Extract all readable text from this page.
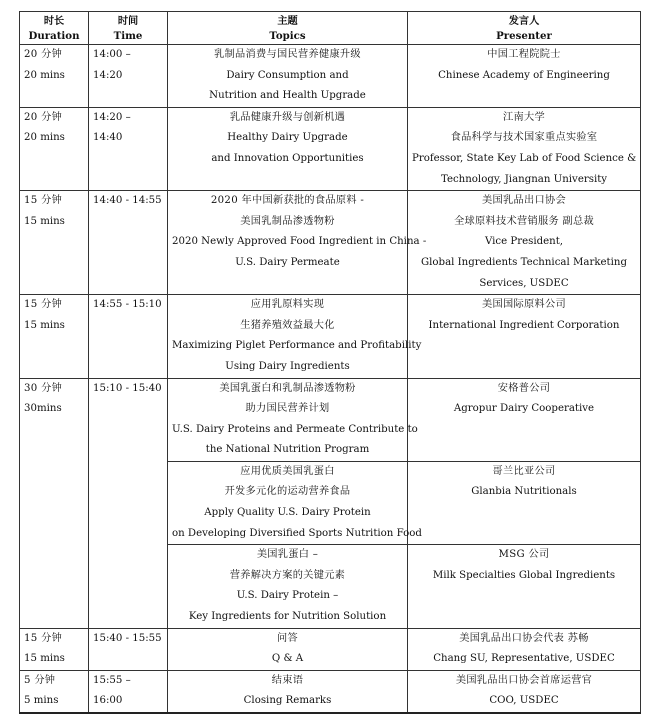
时长
Duration	时间
Time	主题
Topics	发言人
Presenter

20 分钟
20 mins	14:00 – 14:20	乳制品消费与国民营养健康升级
Dairy Consumption and
Nutrition and Health Upgrade	中国工程院院士
Chinese Academy of Engineering

20 分钟
20 mins	14:20 – 14:40	乳品健康升级与创新机遇
Healthy Dairy Upgrade
and Innovation Opportunities	江南大学
食品科学与技术国家重点实验室
Professor, State Key Lab of Food Science &
Technology, Jiangnan University

15 分钟
15 mins	14:40 - 14:55	2020 年中国新获批的食品原料 -
美国乳制品渗透物粉
2020 Newly Approved Food Ingredient in China -
U.S. Dairy Permeate	美国乳品出口协会
全球原料技术营销服务 副总裁
Vice President,
Global Ingredients Technical Marketing
Services, USDEC

15 分钟
15 mins	14:55 - 15:10	应用乳原料实现
生猪养殖效益最大化
Maximizing Piglet Performance and Profitability
Using Dairy Ingredients	美国国际原料公司
International Ingredient Corporation

30 分钟
30mins	15:10 - 15:40	美国乳蛋白和乳制品渗透物粉
助力国民营养计划
U.S. Dairy Proteins and Permeate Contribute to
the National Nutrition Program	安格普公司
Agropur Dairy Cooperative

		应用优质美国乳蛋白
开发多元化的运动营养食品
Apply Quality U.S. Dairy Protein
on Developing Diversified Sports Nutrition Food	哥兰比亚公司
Glanbia Nutritionals

		美国乳蛋白 –
营养解决方案的关键元素
U.S. Dairy Protein –
Key Ingredients for Nutrition Solution	MSG 公司
Milk Specialties Global Ingredients

15 分钟
15 mins	15:40 - 15:55	问答
Q & A	美国乳品出口协会代表 苏畅
Chang SU, Representative, USDEC

5 分钟
5 mins	15:55 – 16:00	结束语
Closing Remarks	美国乳品出口协会首席运营官
COO, USDEC
